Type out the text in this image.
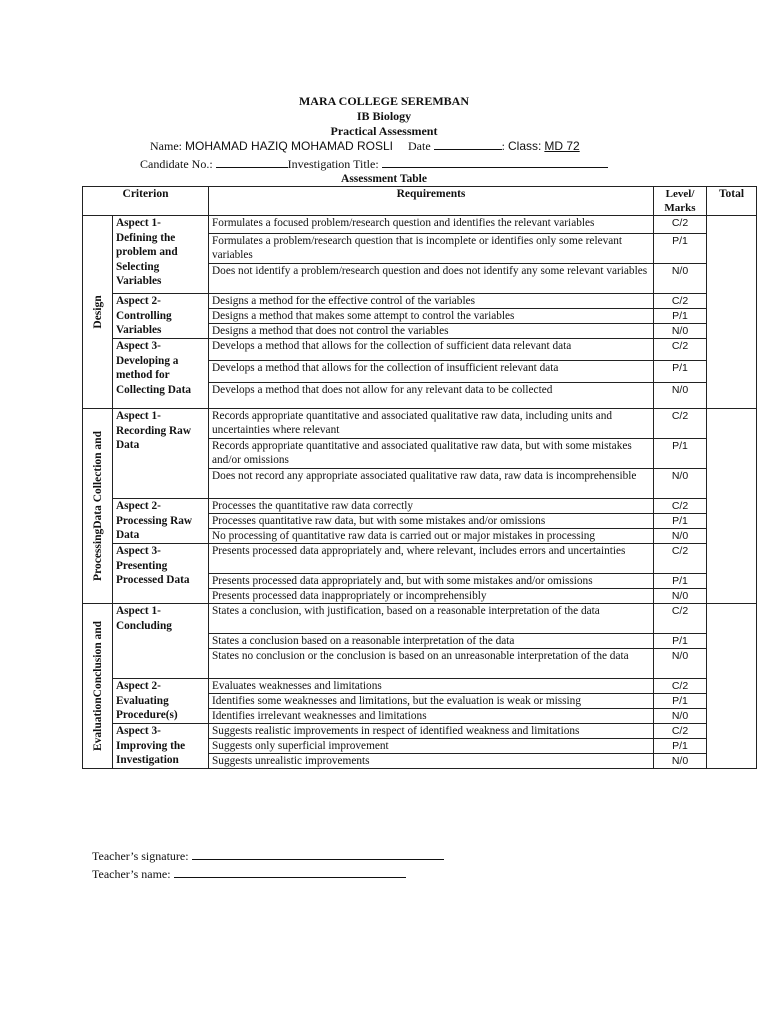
MARA COLLEGE SEREMBAN
IB Biology
Practical Assessment
Name: MOHAMAD HAZIQ MOHAMAD ROSLI Date	: Class: MD 72
Candidate No.:	Investigation Title:
Assessment Table
Criterion		Requirements	Level/ Marks	Total

Design	Aspect 1- Defining the problem and Selecting Variables	Formulates a focused problem/research question and identifies the relevant variables	C/2	
		Formulates a problem/research question that is incomplete or identifies only some relevant variables	P/1	
		Does not identify a problem/research question and does not identify any some relevant variables	N/0	
	Aspect 2- Controlling Variables	Designs a method for the effective control of the variables	C/2	
		Designs a method that makes some attempt to control the variables	P/1	
		Designs a method that does not control the variables	N/0	
	Aspect 3- Developing a method for Collecting Data	Develops a method that allows for the collection of sufficient data relevant data	C/2	
		Develops a method that allows for the collection of insufficient relevant data	P/1	
		Develops a method that does not allow for any relevant data to be collected	N/0	

ProcessingData Collection and	Aspect 1- Recording Raw Data	Records appropriate quantitative and associated qualitative raw data, including units and uncertainties where relevant	C/2	
		Records appropriate quantitative and associated qualitative raw data, but with some mistakes and/or omissions	P/1	
		Does not record any appropriate associated qualitative raw data, raw data is incomprehensible	N/0	
	Aspect 2- Processing Raw Data	Processes the quantitative raw data correctly	C/2	
		Processes quantitative raw data, but with some mistakes and/or omissions	P/1	
		No processing of quantitative raw data is carried out or major mistakes in processing	N/0	
	Aspect 3- Presenting Processed Data	Presents processed data appropriately and, where relevant, includes errors and uncertainties	C/2	
		Presents processed data appropriately and, but with some mistakes and/or omissions	P/1	
		Presents processed data inappropriately or incomprehensibly	N/0	

EvaluationConclusion and	Aspect 1- Concluding	States a conclusion, with justification, based on a reasonable interpretation of the data	C/2	
		States a conclusion based on a reasonable interpretation of the data	P/1	
		States no conclusion or the conclusion is based on an unreasonable interpretation of the data	N/0	
	Aspect 2- Evaluating Procedure(s)	Evaluates weaknesses and limitations	C/2	
		Identifies some weaknesses and limitations, but the evaluation is weak or missing	P/1	
		Identifies irrelevant weaknesses and limitations	N/0	
	Aspect 3- Improving the Investigation	Suggests realistic improvements in respect of identified weakness and limitations	C/2	
		Suggests only superficial improvement	P/1	
		Suggests unrealistic improvements	N/0	
Teacher’s signature:
Teacher’s name:
